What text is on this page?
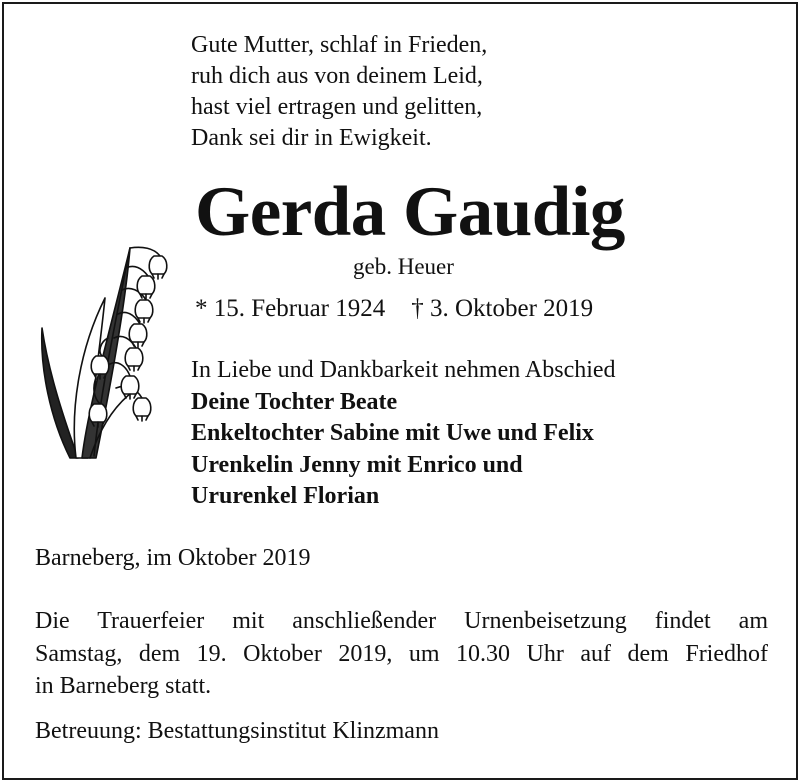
Gute Mutter, schlaf in Frieden,
ruh dich aus von deinem Leid,
hast viel ertragen und gelitten,
Dank sei dir in Ewigkeit.
Gerda Gaudig
geb. Heuer
* 15. Februar 1924 † 3. Oktober 2019
In Liebe und Dankbarkeit nehmen Abschied
Deine Tochter Beate
Enkeltochter Sabine mit Uwe und Felix
Urenkelin Jenny mit Enrico und
Ururenkel Florian
Barneberg, im Oktober 2019
Die Trauerfeier mit anschließender Urnenbeisetzung findet am
Samstag, dem 19. Oktober 2019, um 10.30 Uhr auf dem Friedhof
in Barneberg statt.
Betreuung: Bestattungsinstitut Klinzmann
